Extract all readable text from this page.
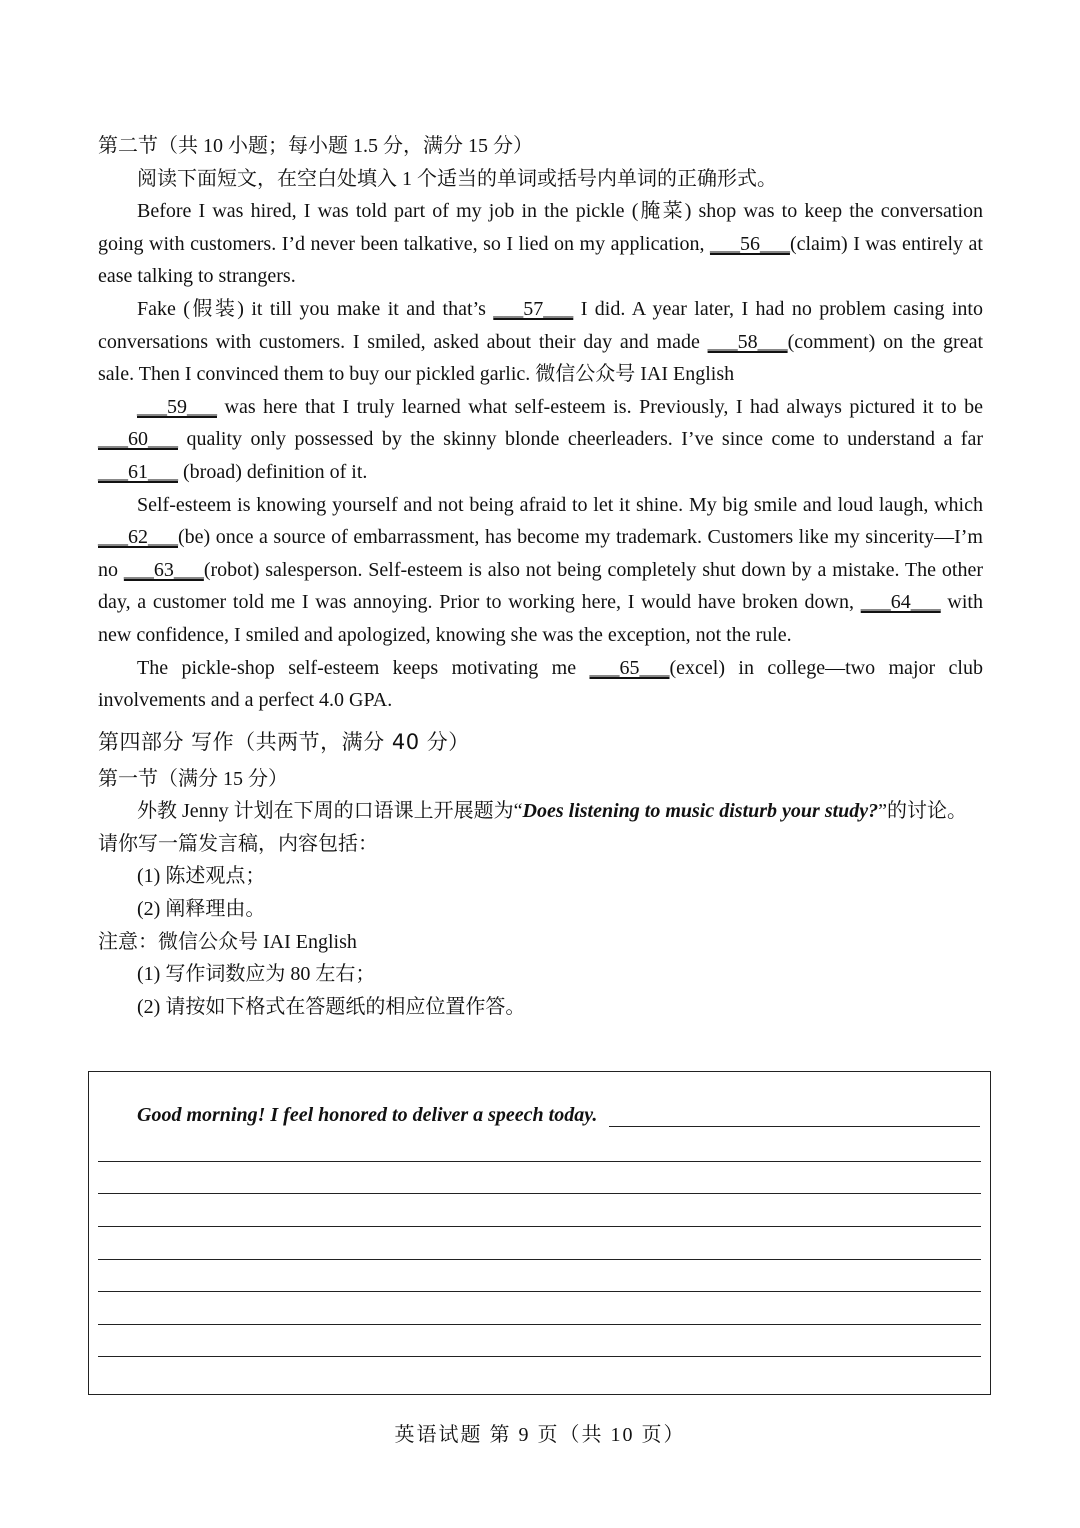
第二节（共 10 小题；每小题 1.5 分，满分 15 分）

阅读下面短文，在空白处填入 1 个适当的单词或括号内单词的正确形式。

Before I was hired, I was told part of my job in the pickle (腌菜) shop was to keep the conversation going with customers. I’d never been talkative, so I lied on my application, ___56___(claim) I was entirely at ease talking to strangers.

Fake (假装) it till you make it and that’s ___57___ I did. A year later, I had no problem casing into conversations with customers. I smiled, asked about their day and made ___58___(comment) on the great sale. Then I convinced them to buy our pickled garlic. 微信公众号 IAI English

___59___ was here that I truly learned what self-esteem is. Previously, I had always pictured it to be ___60___ quality only possessed by the skinny blonde cheerleaders. I’ve since come to understand a far ___61___ (broad) definition of it.

Self-esteem is knowing yourself and not being afraid to let it shine. My big smile and loud laugh, which ___62___(be) once a source of embarrassment, has become my trademark. Customers like my sincerity—I’m no ___63___(robot) salesperson. Self-esteem is also not being completely shut down by a mistake. The other day, a customer told me I was annoying. Prior to working here, I would have broken down, ___64___ with new confidence, I smiled and apologized, knowing she was the exception, not the rule.

The pickle-shop self-esteem keeps motivating me ___65___(excel) in college—two major club involvements and a perfect 4.0 GPA.

第四部分 写作（共两节，满分 40 分）

第一节（满分 15 分）

外教 Jenny 计划在下周的口语课上开展题为“Does listening to music disturb your study?”的讨论。请你写一篇发言稿，内容包括：

(1) 陈述观点；

(2) 阐释理由。

注意：微信公众号 IAI English

(1) 写作词数应为 80 左右；

(2) 请按如下格式在答题纸的相应位置作答。

Good morning! I feel honored to deliver a speech today.
英语试题 第 9 页（共 10 页）
